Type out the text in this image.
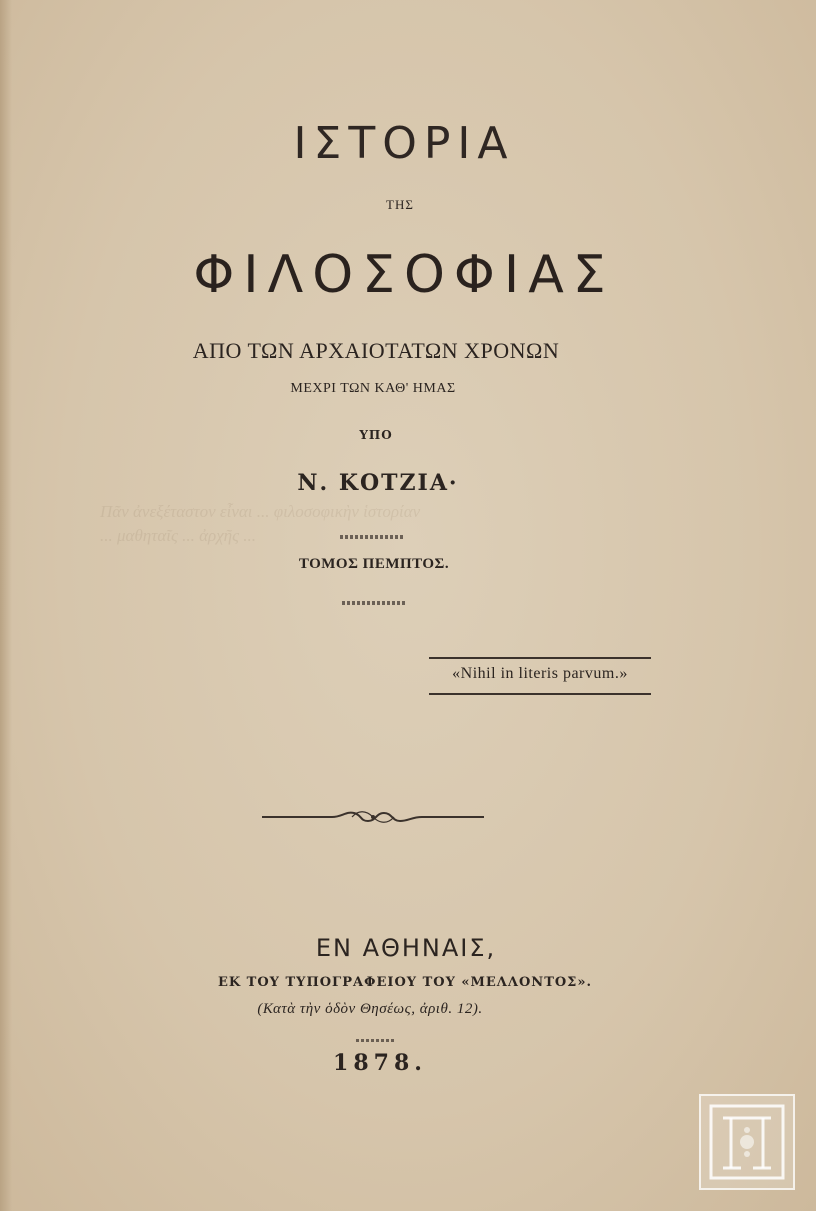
Πᾶν ἀνεξέταστον εἶναι ... φιλοσοφικὴν ἱστορίαν
... μαθηταῖς ... ἀρχῆς ...
ΙΣΤΟΡΙΑ
ΤΗΣ
ΦΙΛΟΣΟΦΙΑΣ
ΑΠΟ ΤΩΝ ΑΡΧΑΙΟΤΑΤΩΝ ΧΡΟΝΩΝ
ΜΕΧΡΙ ΤΩΝ ΚΑΘ' ΗΜΑΣ
ΥΠΟ
Ν. ΚΟΤΖΙΑ·
ΤΟΜΟΣ ΠΕΜΠΤΟΣ.
«Nihil in literis parvum.»
ΕΝ ΑΘΗΝΑΙΣ,
ΕΚ ΤΟΥ ΤΥΠΟΓΡΑΦΕΙΟΥ ΤΟΥ «ΜΕΛΛΟΝΤΟΣ».
(Κατὰ τὴν ὁδὸν Θησέως, ἀριθ. 12).
1878.
